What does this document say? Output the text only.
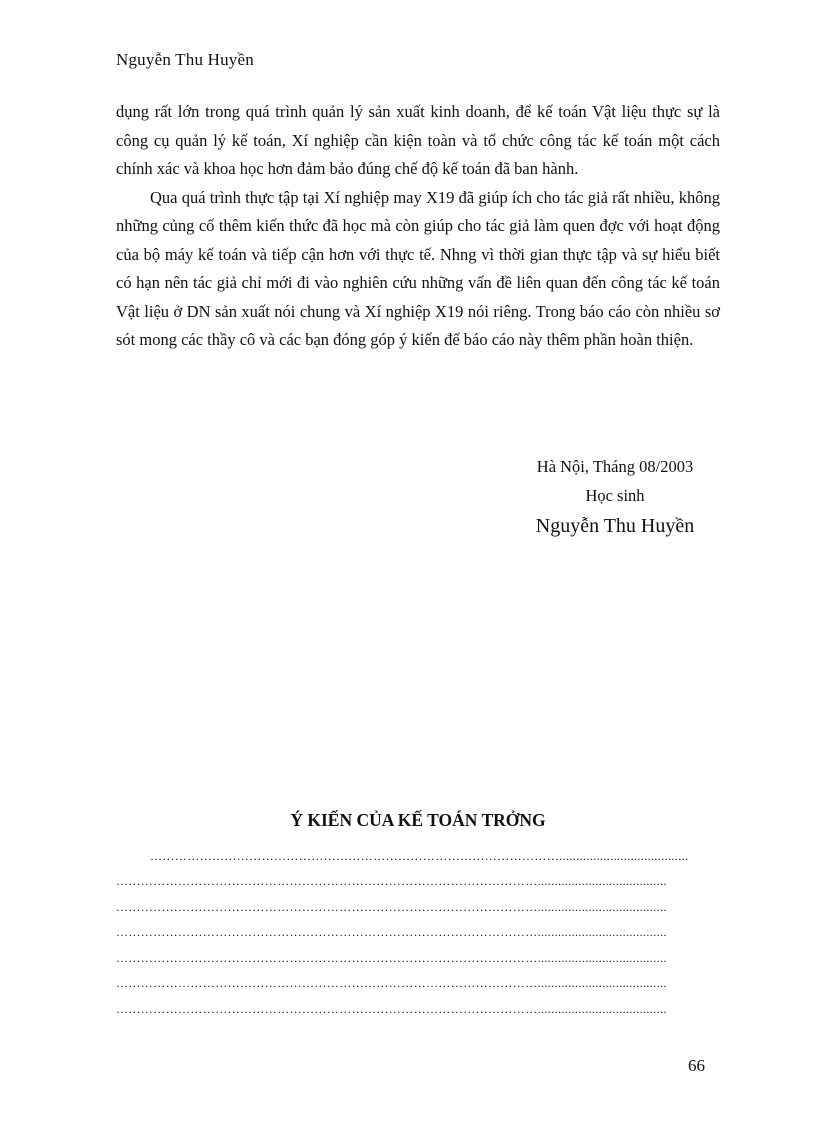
Nguyễn Thu Huyền

dụng rất lớn trong quá trình quản lý sản xuất kinh doanh, để kế toán Vật liệu thực sự là công cụ quản lý kế toán, Xí nghiệp cần kiện toàn và tổ chức công tác kế toán một cách chính xác và khoa học hơn đảm bảo đúng chế độ kế toán đã ban hành.

Qua quá trình thực tập tại Xí nghiệp may X19 đã giúp ích cho tác giả rất nhiều, không những củng cố thêm kiến thức đã học mà còn giúp cho tác giả làm quen đợc với hoạt động của bộ máy kế toán và tiếp cận hơn với thực tế. Nhng vì thời gian thực tập và sự hiểu biết có hạn nên tác giả chỉ mới đi vào nghiên cứu những vấn đề liên quan đến công tác kế toán Vật liệu ở DN sản xuất nói chung và Xí nghiệp X19 nói riêng. Trong báo cáo còn nhiều sơ sót mong các thầy cô và các bạn đóng góp ý kiến để báo cáo này thêm phần hoàn thiện.

Hà Nội, Tháng 08/2003
Học sinh
Nguyễn Thu Huyền
Ý KIẾN CỦA KẾ TOÁN TRỞNG
………………………………………………………………………………………......................................
…………………………………………………………………………………………......................................
…………………………………………………………………………………………......................................
…………………………………………………………………………………………......................................
…………………………………………………………………………………………......................................
…………………………………………………………………………………………......................................
…………………………………………………………………………………………......................................
66
